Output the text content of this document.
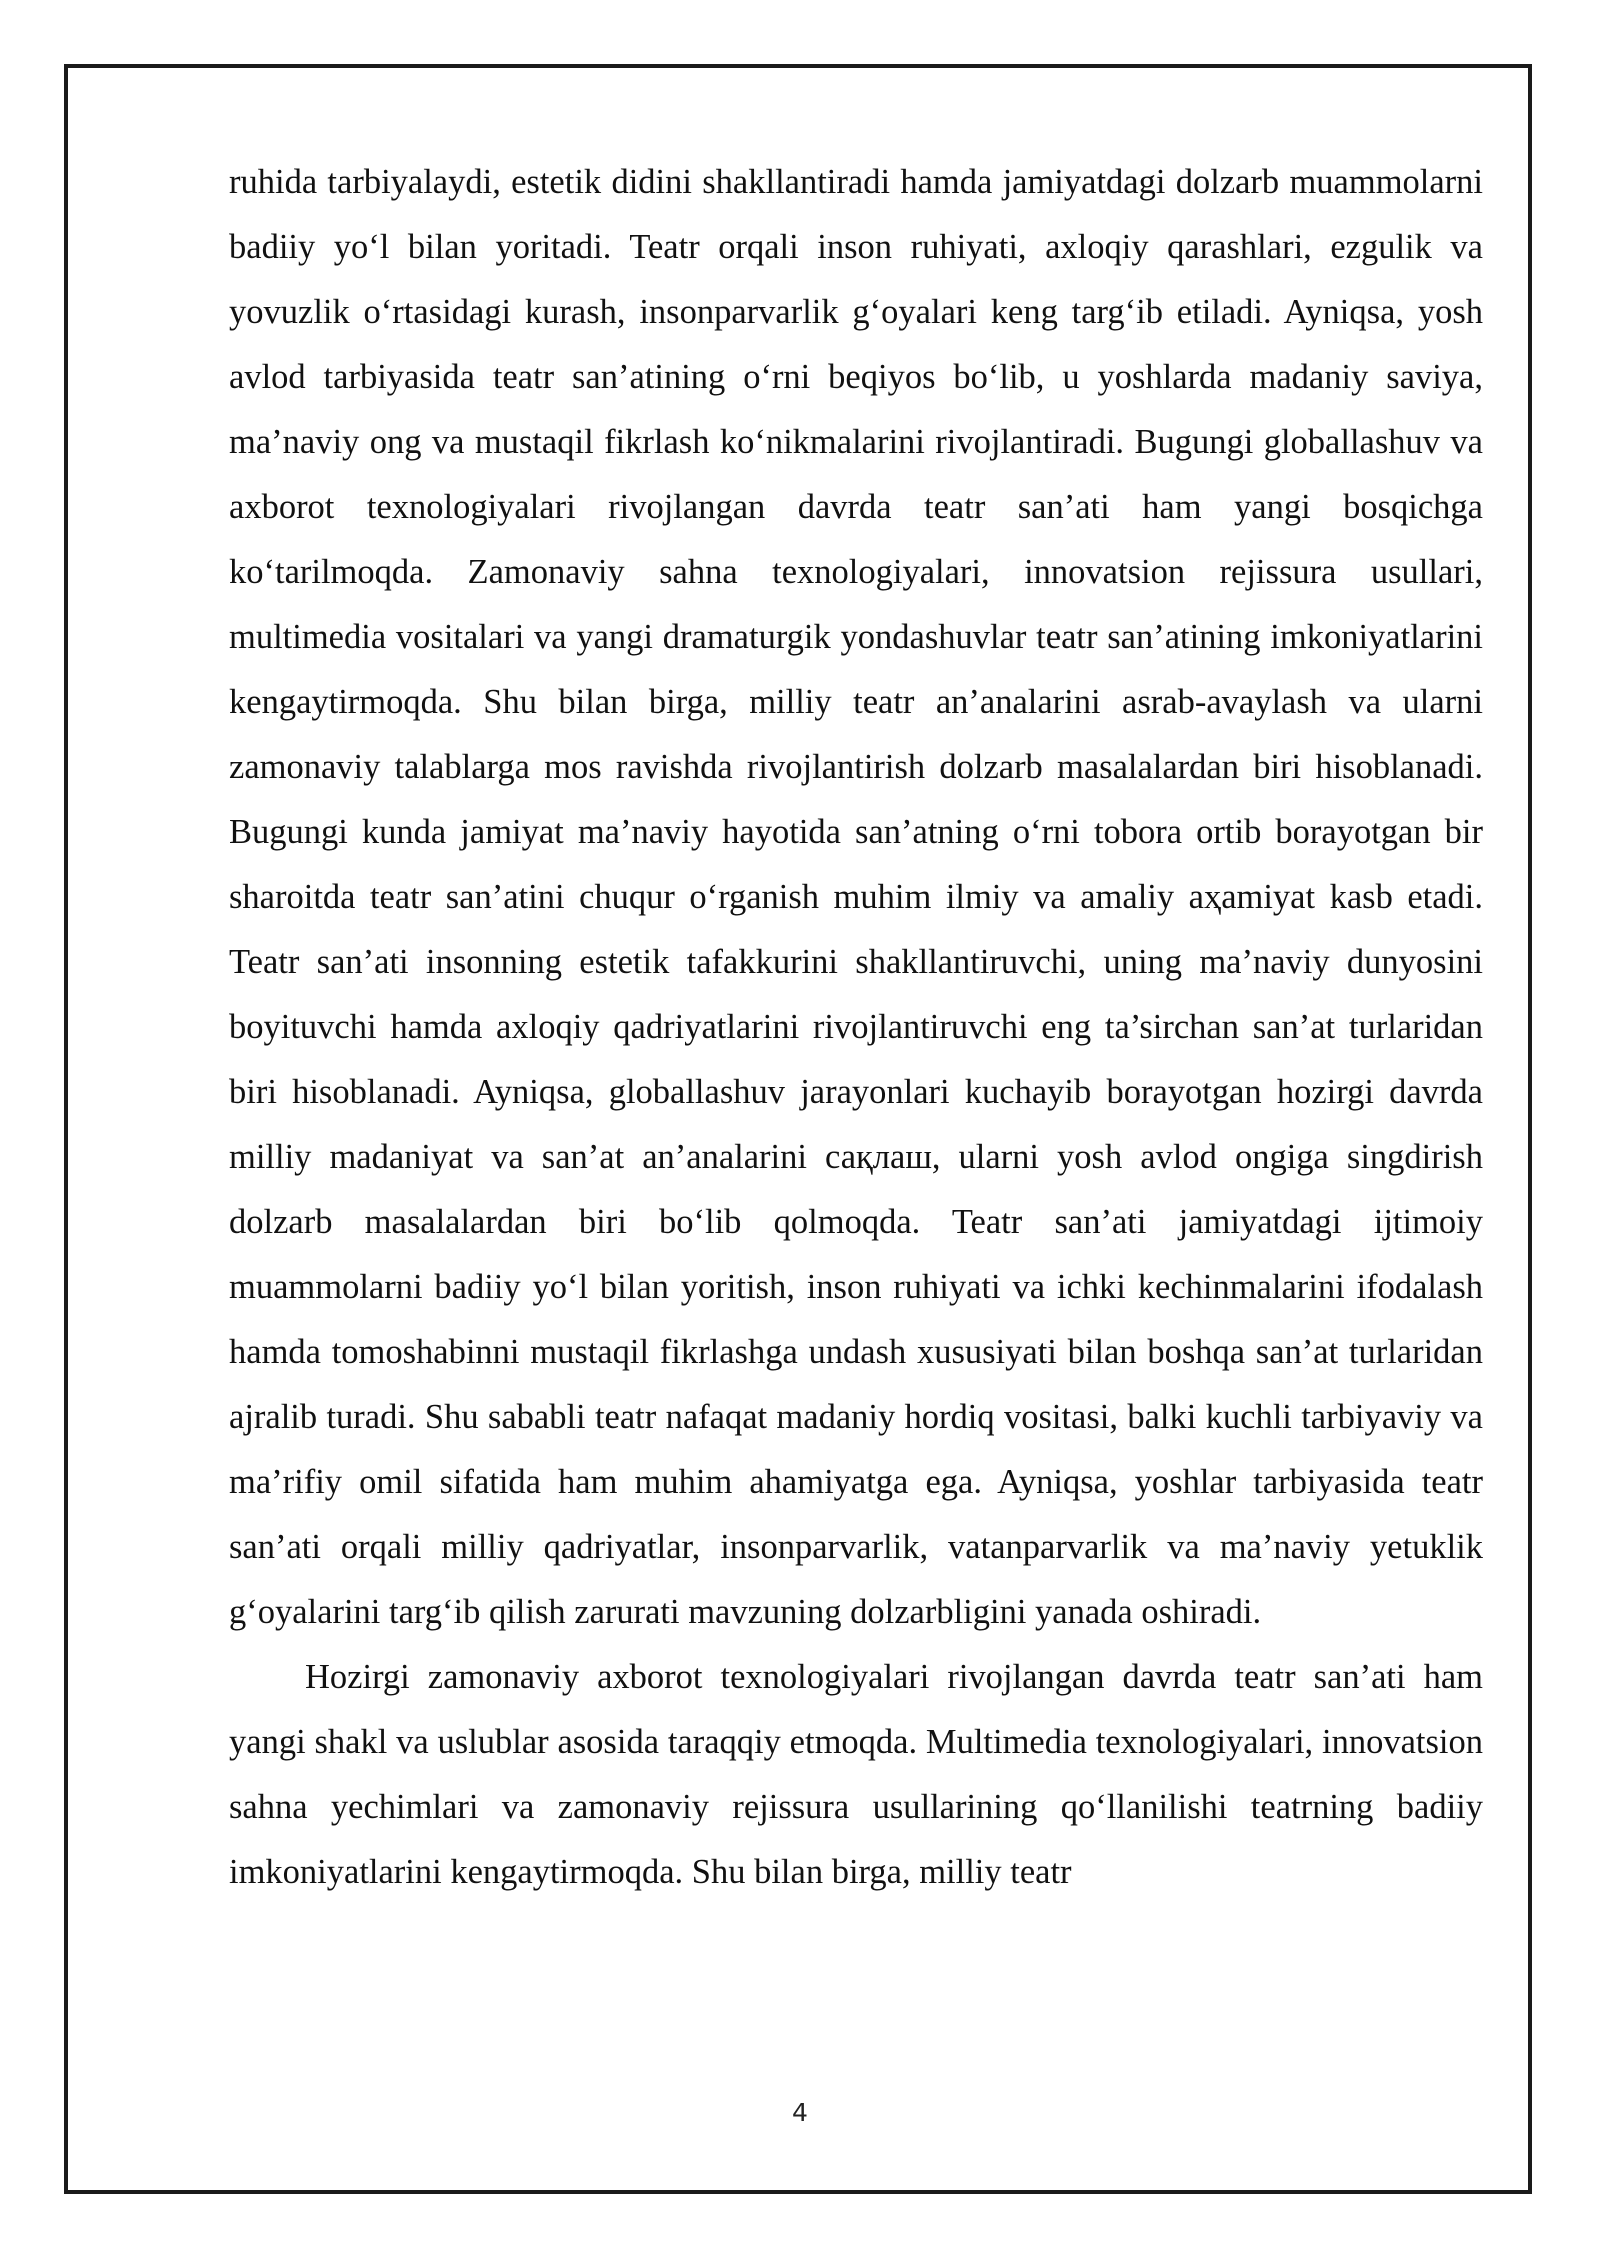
ruhida tarbiyalaydi, estetik didini shakllantiradi hamda jamiyatdagi dolzarb muammolarni badiiy yo‘l bilan yoritadi. Teatr orqali inson ruhiyati, axloqiy qarashlari, ezgulik va yovuzlik o‘rtasidagi kurash, insonparvarlik g‘oyalari keng targ‘ib etiladi. Ayniqsa, yosh avlod tarbiyasida teatr san’atining o‘rni beqiyos bo‘lib, u yoshlarda madaniy saviya, ma’naviy ong va mustaqil fikrlash ko‘nikmalarini rivojlantiradi. Bugungi globallashuv va axborot texnologiyalari rivojlangan davrda teatr san’ati ham yangi bosqichga ko‘tarilmoqda. Zamonaviy sahna texnologiyalari, innovatsion rejissura usullari, multimedia vositalari va yangi dramaturgik yondashuvlar teatr san’atining imkoniyatlarini kengaytirmoqda. Shu bilan birga, milliy teatr an’analarini asrab-avaylash va ularni zamonaviy talablarga mos ravishda rivojlantirish dolzarb masalalardan biri hisoblanadi. Bugungi kunda jamiyat ma’naviy hayotida san’atning o‘rni tobora ortib borayotgan bir sharoitda teatr san’atini chuqur o‘rganish muhim ilmiy va amaliy aҳamiyat kasb etadi. Teatr san’ati insonning estetik tafakkurini shakllantiruvchi, uning ma’naviy dunyosini boyituvchi hamda axloqiy qadriyatlarini rivojlantiruvchi eng ta’sirchan san’at turlaridan biri hisoblanadi. Ayniqsa, globallashuv jarayonlari kuchayib borayotgan hozirgi davrda milliy madaniyat va san’at an’analarini сақлаш, ularni yosh avlod ongiga singdirish dolzarb masalalardan biri bo‘lib qolmoqda. Teatr san’ati jamiyatdagi ijtimoiy muammolarni badiiy yo‘l bilan yoritish, inson ruhiyati va ichki kechinmalarini ifodalash hamda tomoshabinni mustaqil fikrlashga undash xususiyati bilan boshqa san’at turlaridan ajralib turadi. Shu sababli teatr nafaqat madaniy hordiq vositasi, balki kuchli tarbiyaviy va ma’rifiy omil sifatida ham muhim ahamiyatga ega. Ayniqsa, yoshlar tarbiyasida teatr san’ati orqali milliy qadriyatlar, insonparvarlik, vatanparvarlik va ma’naviy yetuklik g‘oyalarini targ‘ib qilish zarurati mavzuning dolzarbligini yanada oshiradi.

Hozirgi zamonaviy axborot texnologiyalari rivojlangan davrda teatr san’ati ham yangi shakl va uslublar asosida taraqqiy etmoqda. Multimedia texnologiyalari, innovatsion sahna yechimlari va zamonaviy rejissura usullarining qo‘llanilishi teatrning badiiy imkoniyatlarini kengaytirmoqda. Shu bilan birga, milliy teatr

4
